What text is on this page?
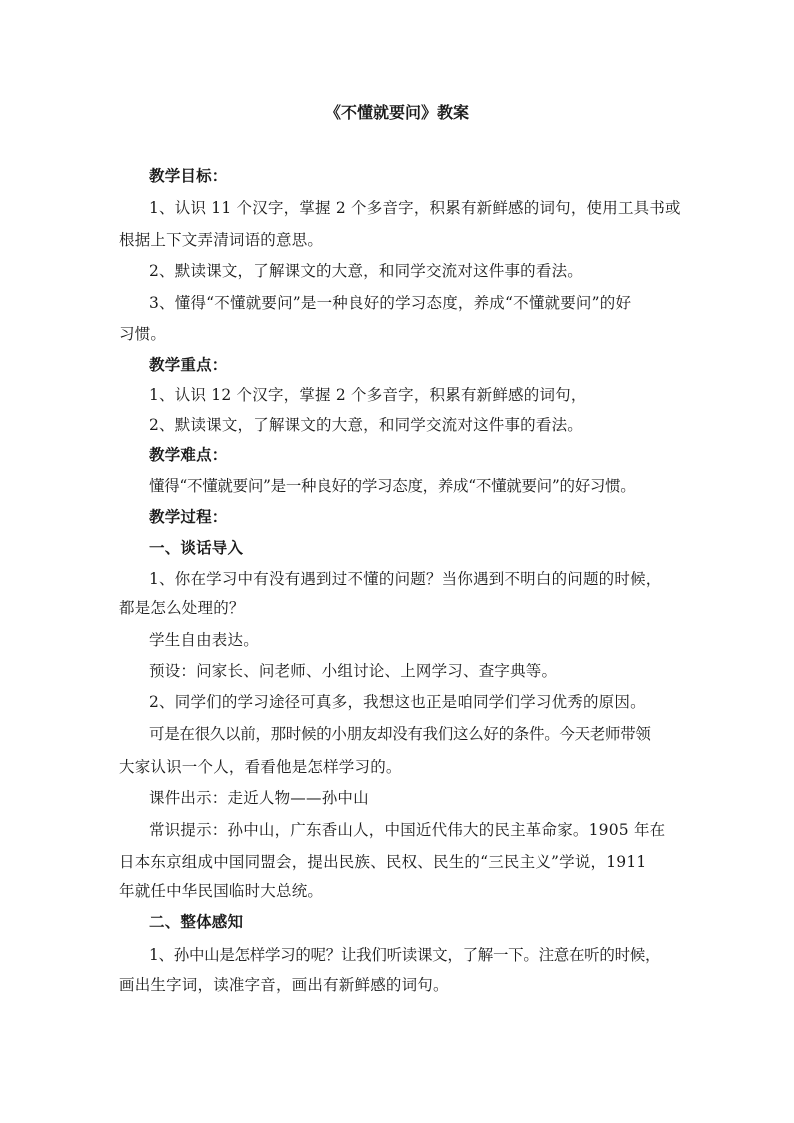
《不懂就要问》教案
教学目标：
1、认识 11 个汉字，掌握 2 个多音字，积累有新鲜感的词句，使用工具书或
根据上下文弄清词语的意思。
2、默读课文，了解课文的大意，和同学交流对这件事的看法。
3、懂得“不懂就要问”是一种良好的学习态度，养成“不懂就要问”的好
习惯。
教学重点：
1、认识 12 个汉字，掌握 2 个多音字，积累有新鲜感的词句，
2、默读课文，了解课文的大意，和同学交流对这件事的看法。
教学难点：
懂得“不懂就要问”是一种良好的学习态度，养成“不懂就要问”的好习惯。
教学过程：
一、谈话导入
1、你在学习中有没有遇到过不懂的问题？当你遇到不明白的问题的时候，
都是怎么处理的？
学生自由表达。
预设：问家长、问老师、小组讨论、上网学习、查字典等。
2、同学们的学习途径可真多，我想这也正是咱同学们学习优秀的原因。
可是在很久以前，那时候的小朋友却没有我们这么好的条件。今天老师带领
大家认识一个人，看看他是怎样学习的。
课件出示：走近人物——孙中山
常识提示：孙中山，广东香山人，中国近代伟大的民主革命家。1905 年在
日本东京组成中国同盟会，提出民族、民权、民生的“三民主义”学说，1911
年就任中华民国临时大总统。
二、整体感知
1、孙中山是怎样学习的呢？让我们听读课文，了解一下。注意在听的时候，
画出生字词，读准字音，画出有新鲜感的词句。
